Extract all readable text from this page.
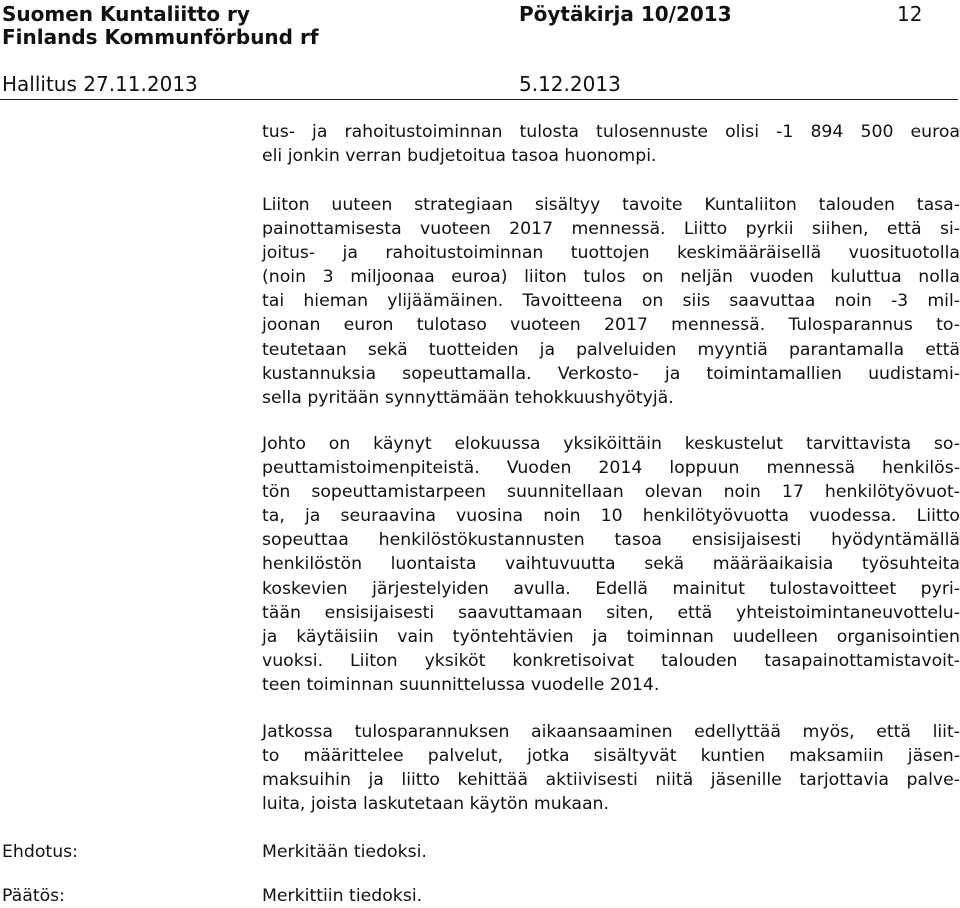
Suomen Kuntaliitto ry
Finlands Kommunförbund rf
Pöytäkirja 10/2013	12
Hallitus 27.11.2013	5.12.2013
tus- ja rahoitustoiminnan tulosta tulosennuste olisi -1 894 500 euroa
eli jonkin verran budjetoitua tasoa huonompi.
Liiton uuteen strategiaan sisältyy tavoite Kuntaliiton talouden tasa-
painottamisesta vuoteen 2017 mennessä. Liitto pyrkii siihen, että si-
joitus- ja rahoitustoiminnan tuottojen keskimääräisellä vuosituotolla
(noin 3 miljoonaa euroa) liiton tulos on neljän vuoden kuluttua nolla
tai hieman ylijäämäinen. Tavoitteena on siis saavuttaa noin -3 mil-
joonan euron tulotaso vuoteen 2017 mennessä. Tulosparannus to-
teutetaan sekä tuotteiden ja palveluiden myyntiä parantamalla että
kustannuksia sopeuttamalla. Verkosto- ja toimintamallien uudistami-
sella pyritään synnyttämään tehokkuushyötyjä.
Johto on käynyt elokuussa yksiköittäin keskustelut tarvittavista so-
peuttamistoimenpiteistä. Vuoden 2014 loppuun mennessä henkilös-
tön sopeuttamistarpeen suunnitellaan olevan noin 17 henkilötyövuot-
ta, ja seuraavina vuosina noin 10 henkilötyövuotta vuodessa. Liitto
sopeuttaa henkilöstökustannusten tasoa ensisijaisesti hyödyntämällä
henkilöstön luontaista vaihtuvuutta sekä määräaikaisia työsuhteita
koskevien järjestelyiden avulla. Edellä mainitut tulostavoitteet pyri-
tään ensisijaisesti saavuttamaan siten, että yhteistoimintaneuvottelu-
ja käytäisiin vain työntehtävien ja toiminnan uudelleen organisointien
vuoksi. Liiton yksiköt konkretisoivat talouden tasapainottamistavoit-
teen toiminnan suunnittelussa vuodelle 2014.
Jatkossa tulosparannuksen aikaansaaminen edellyttää myös, että liit-
to määrittelee palvelut, jotka sisältyvät kuntien maksamiin jäsen-
maksuihin ja liitto kehittää aktiivisesti niitä jäsenille tarjottavia palve-
luita, joista laskutetaan käytön mukaan.
Ehdotus:	Merkitään tiedoksi.
Päätös:	Merkittiin tiedoksi.
